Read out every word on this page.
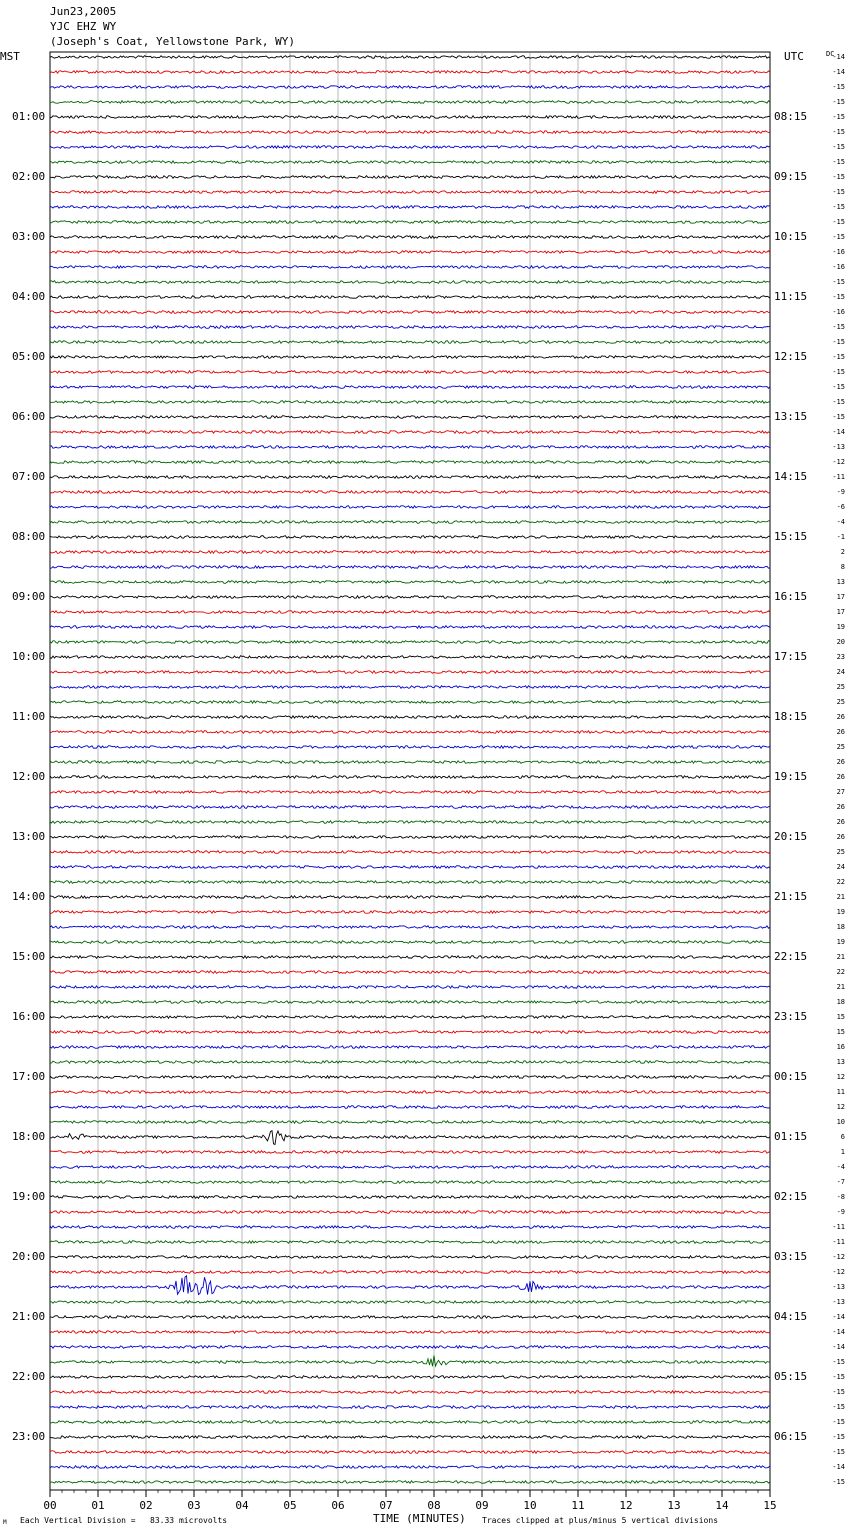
Jun23,2005
YJC EHZ WY
(Joseph's Coat, Yellowstone Park, WY)
MST	UTC	DC
00	01	02	03	04	05	06	07	08	09	10	11	12	13	14	15
01:00
02:00
03:00
04:00
05:00
06:00
07:00
08:00
09:00
10:00
11:00
12:00
13:00
14:00
15:00
16:00
17:00
18:00
19:00
20:00
21:00
22:00
23:00
08:15
09:15
10:15
11:15
12:15
13:15
14:15
15:15
16:15
17:15
18:15
19:15
20:15
21:15
22:15
23:15
00:15
01:15
02:15
03:15
04:15
05:15
06:15
-14
-14
-15
-15
-15
-15
-15
-15
-15
-15
-15
-15
-15
-16
-16
-15
-15
-16
-15
-15
-15
-15
-15
-15
-15
-14
-13
-12
-11
-9
-6
-4
-1
2
8
13
17
17
19
20
23
24
25
25
26
26
25
26
26
27
26
26
26
25
24
22
21
19
18
19
21
22
21
18
15
15
16
13
12
11
12
10
6
1
-4
-7
-8
-9
-11
-11
-12
-12
-13
-13
-14
-14
-14
-15
-15
-15
-15
-15
-15
-15
-14
-15
M Each Vertical Division =   83.33 microvolts	TIME (MINUTES) Traces clipped at plus/minus 5 vertical divisions
